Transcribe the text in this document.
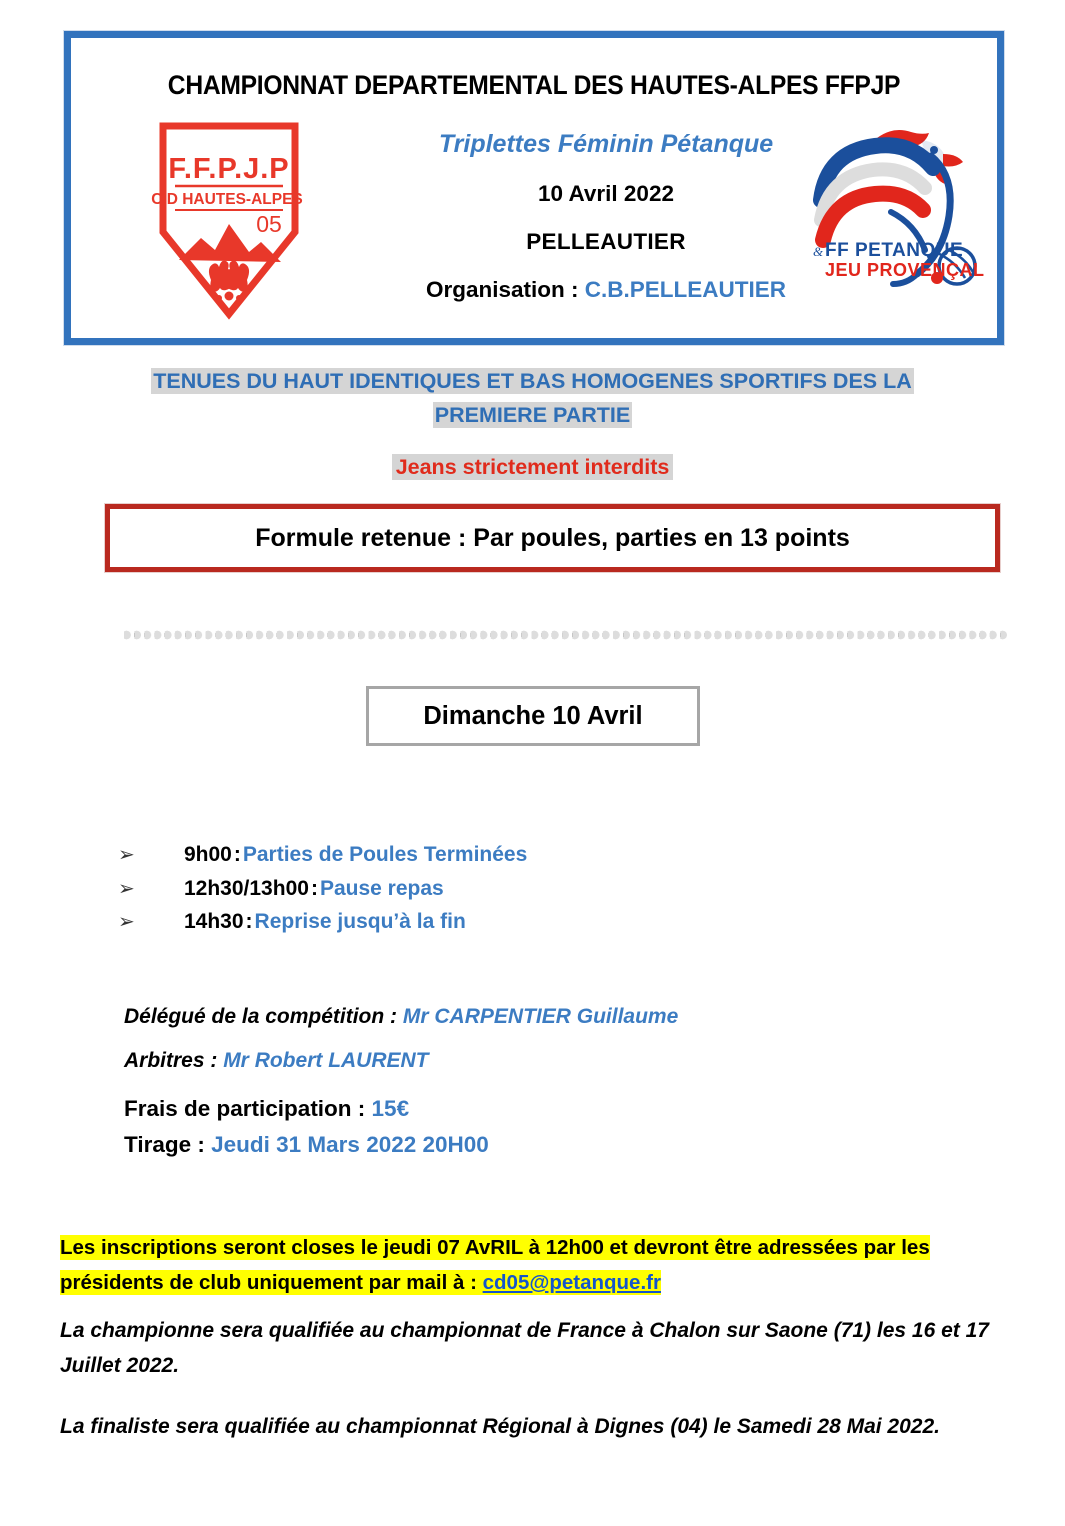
CHAMPIONNAT DEPARTEMENTAL DES HAUTES-ALPES FFPJP
F.F.P.J.P
C.D HAUTES-ALPES
05
Triplettes Féminin Pétanque
10 Avril 2022
PELLEAUTIER
Organisation : C.B.PELLEAUTIER
& FF PETANQUE
JEU PROVENÇAL
TENUES DU HAUT IDENTIQUES ET BAS HOMOGENES SPORTIFS DES LA
PREMIERE PARTIE
Jeans strictement interdits
Formule retenue : Par poules, parties en 13 points
Dimanche 10 Avril
➢	9h00 : Parties de Poules Terminées
➢	12h30/13h00 : Pause repas
➢	14h30 : Reprise jusqu’à la fin
Délégué de la compétition : Mr CARPENTIER Guillaume
Arbitres : Mr Robert LAURENT
Frais de participation : 15€
Tirage : Jeudi 31 Mars 2022 20H00
Les inscriptions seront closes le jeudi 07 AvRIL à 12h00 et devront être adressées par les présidents de club uniquement par mail à : cd05@petanque.fr

La championne sera qualifiée au championnat de France à Chalon sur Saone (71) les 16 et 17 Juillet 2022.

La finaliste sera qualifiée au championnat Régional à Dignes (04) le Samedi 28 Mai 2022.
